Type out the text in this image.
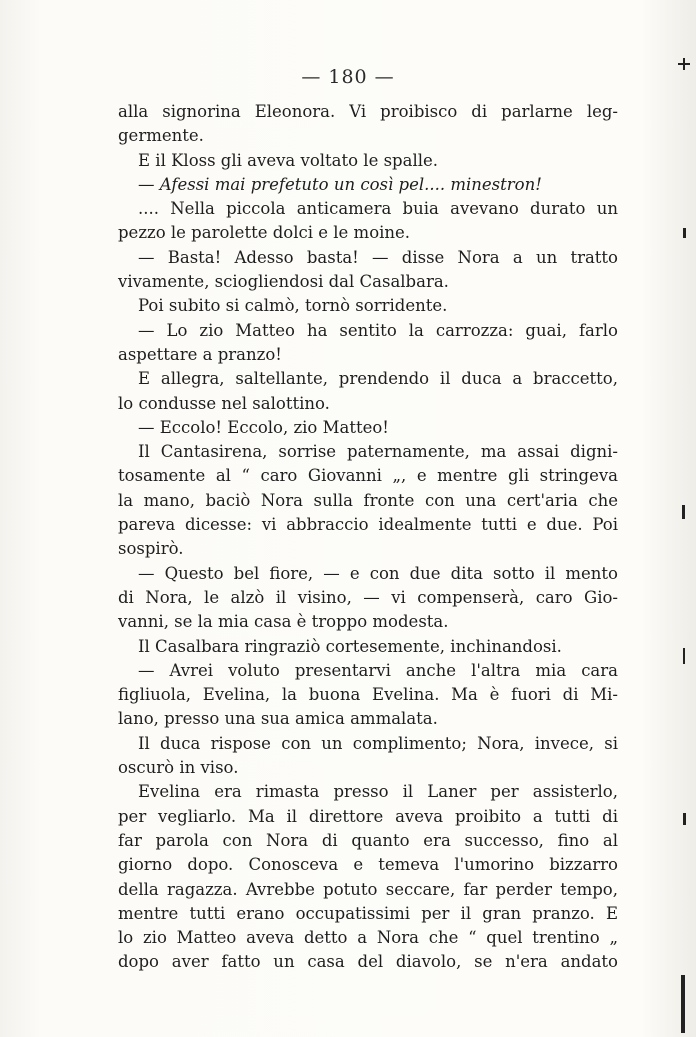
— 180 —
alla signorina Eleonora. Vi proibisco di parlarne leg-
germente.
E il Kloss gli aveva voltato le spalle.
— Afessi mai prefetuto un così pel.... minestron!
.... Nella piccola anticamera buia avevano durato un
pezzo le parolette dolci e le moine.
— Basta! Adesso basta! — disse Nora a un tratto
vivamente, sciogliendosi dal Casalbara.
Poi subito si calmò, tornò sorridente.
— Lo zio Matteo ha sentito la carrozza: guai, farlo
aspettare a pranzo!
E allegra, saltellante, prendendo il duca a braccetto,
lo condusse nel salottino.
— Eccolo! Eccolo, zio Matteo!
Il Cantasirena, sorrise paternamente, ma assai digni-
tosamente al “ caro Giovanni „, e mentre gli stringeva
la mano, baciò Nora sulla fronte con una cert'aria che
pareva dicesse: vi abbraccio idealmente tutti e due. Poi
sospirò.
— Questo bel fiore, — e con due dita sotto il mento
di Nora, le alzò il visino, — vi compenserà, caro Gio-
vanni, se la mia casa è troppo modesta.
Il Casalbara ringraziò cortesemente, inchinandosi.
— Avrei voluto presentarvi anche l'altra mia cara
figliuola, Evelina, la buona Evelina. Ma è fuori di Mi-
lano, presso una sua amica ammalata.
Il duca rispose con un complimento; Nora, invece, si
oscurò in viso.
Evelina era rimasta presso il Laner per assisterlo,
per vegliarlo. Ma il direttore aveva proibito a tutti di
far parola con Nora di quanto era successo, fino al
giorno dopo. Conosceva e temeva l'umorino bizzarro
della ragazza. Avrebbe potuto seccare, far perder tempo,
mentre tutti erano occupatissimi per il gran pranzo. E
lo zio Matteo aveva detto a Nora che “ quel trentino „
dopo aver fatto un casa del diavolo, se n'era andato
